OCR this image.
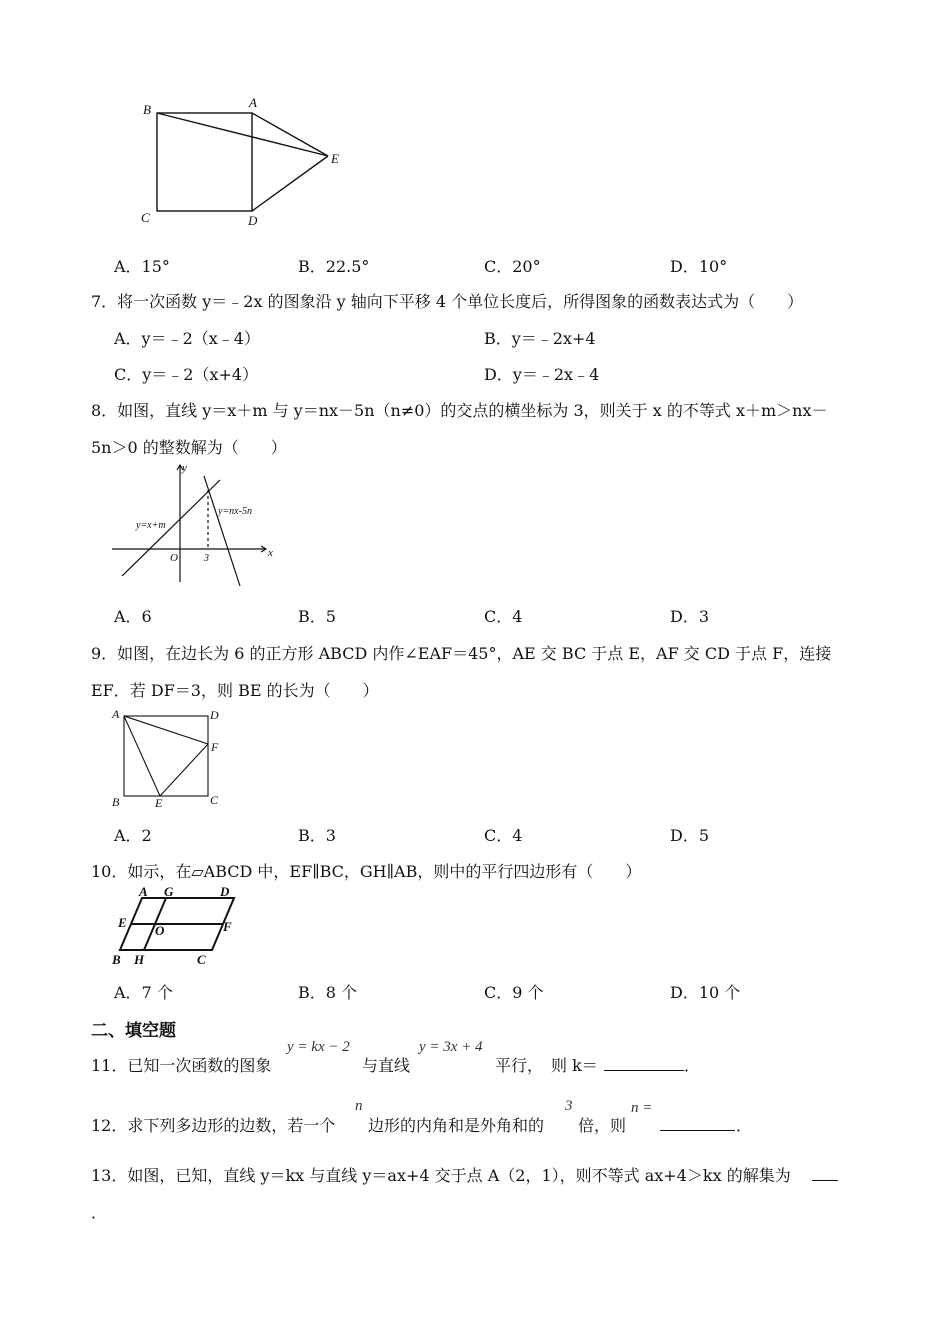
B	A
E
C	D
A．15°	B．22.5°	C．20°	D．10°
7．将一次函数 y＝﹣2x 的图象沿 y 轴向下平移 4 个单位长度后，所得图象的函数表达式为（　　）
A．y＝﹣2（x﹣4）	B．y＝﹣2x+4
C．y＝﹣2（x+4）	D．y＝﹣2x﹣4
8．如图，直线 y＝x＋m 与 y＝nx－5n（n≠0）的交点的横坐标为 3，则关于 x 的不等式 x＋m＞nx－
5n＞0 的整数解为（　　）
y
x
O	3
y=x+m
y=nx-5n
A．6	B．5	C．4	D．3
9．如图，在边长为 6 的正方形 ABCD 内作∠EAF＝45°，AE 交 BC 于点 E，AF 交 CD 于点 F，连接
EF．若 DF＝3，则 BE 的长为（　　）
A	D
F
B	E	C
A．2	B．3	C．4	D．5
10．如示，在▱ABCD 中，EF∥BC，GH∥AB，则中的平行四边形有（　　）
A G	D
E
O	F
B H	C
A．7 个	B．8 个	C．9 个	D．10 个
二、填空题
11．已知一次函数的图象
y = kx − 2
与直线
y = 3x + 4
平行，　则 k＝	．
12．求下列多边形的边数，若一个
n
边形的内角和是外角和的
3
倍，则
n =
．
13．如图，已知，直线 y＝kx 与直线 y＝ax+4 交于点 A（2，1），则不等式 ax+4＞kx 的解集为
．
